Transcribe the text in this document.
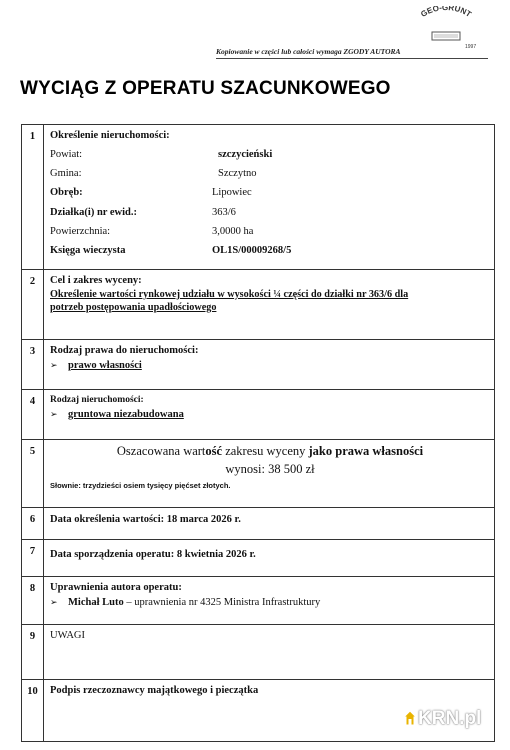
GEO-GRUNT
1997
Kopiowanie w części lub całości wymaga ZGODY AUTORA
WYCIĄG Z OPERATU SZACUNKOWEGO
1	Określenie nieruchomości:
Powiat:	szczycieński
Gmina:	Szczytno
Obręb:	Lipowiec
Działka(i) nr ewid.:	363/6
Powierzchnia:	3,0000 ha
Księga wieczysta	OL1S/00009268/5
2	Cel i zakres wyceny:
Określenie wartości rynkowej udziału w wysokości ¼ części do działki nr 363/6 dla
potrzeb postępowania upadłościowego
3	Rodzaj prawa do nieruchomości:
➢ prawo własności
4	Rodzaj nieruchomości:
➢ gruntowa niezabudowana
5	Oszacowana wartość zakresu wyceny jako prawa własności
wynosi: 38 500 zł
Słownie: trzydzieści osiem tysięcy pięćset złotych.
6	Data określenia wartości: 18 marca 2026 r.
7	Data sporządzenia operatu: 8 kwietnia 2026 r.
8	Uprawnienia autora operatu:
➢ Michał Luto – uprawnienia nr 4325 Ministra Infrastruktury
9	UWAGI
10	Podpis rzeczoznawcy majątkowego i pieczątka
KRN.pl
